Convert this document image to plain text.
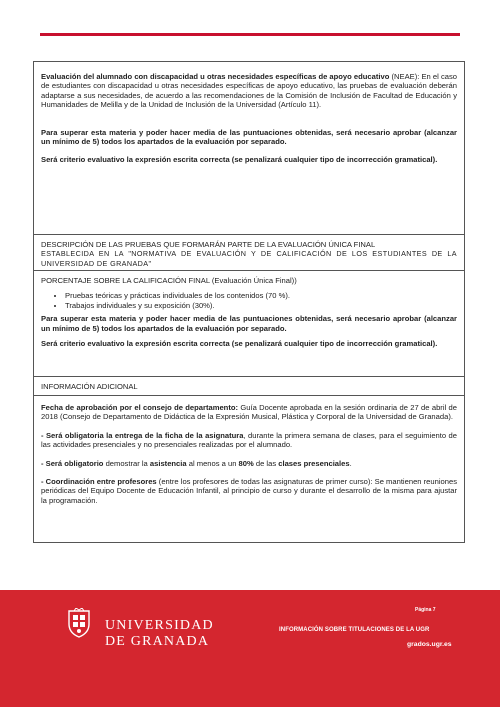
Evaluación del alumnado con discapacidad u otras necesidades específicas de apoyo educativo (NEAE): En el caso de estudiantes con discapacidad u otras necesidades específicas de apoyo educativo, las pruebas de evaluación deberán adaptarse a sus necesidades, de acuerdo a las recomendaciones de la Comisión de Inclusión de Facultad de Educación y Humanidades de Melilla y de la Unidad de Inclusión de la Universidad (Artículo 11).

Para superar esta materia y poder hacer media de las puntuaciones obtenidas, será necesario aprobar (alcanzar un mínimo de 5) todos los apartados de la evaluación por separado.

Será criterio evaluativo la expresión escrita correcta (se penalizará cualquier tipo de incorrección gramatical).

DESCRIPCIÓN DE LAS PRUEBAS QUE FORMARÁN PARTE DE LA EVALUACIÓN ÚNICA FINAL

ESTABLECIDA EN LA "NORMATIVA DE EVALUACIÓN Y DE CALIFICACIÓN DE LOS ESTUDIANTES DE LA UNIVERSIDAD DE GRANADA"

PORCENTAJE SOBRE LA CALIFICACIÓN FINAL (Evaluación Única Final))

• Pruebas teóricas y prácticas individuales de los contenidos (70 %).
• Trabajos individuales y su exposición (30%).

Para superar esta materia y poder hacer media de las puntuaciones obtenidas, será necesario aprobar (alcanzar un mínimo de 5) todos los apartados de la evaluación por separado.

Será criterio evaluativo la expresión escrita correcta (se penalizará cualquier tipo de incorrección gramatical).

INFORMACIÓN ADICIONAL

Fecha de aprobación por el consejo de departamento: Guía Docente aprobada en la sesión ordinaria de 27 de abril de 2018 (Consejo de Departamento de Didáctica de la Expresión Musical, Plástica y Corporal de la Universidad de Granada).

- Será obligatoria la entrega de la ficha de la asignatura, durante la primera semana de clases, para el seguimiento de las actividades presenciales y no presenciales realizadas por el alumnado.

- Será obligatorio demostrar la asistencia al menos a un 80% de las clases presenciales.

- Coordinación entre profesores (entre los profesores de todas las asignaturas de primer curso): Se mantienen reuniones periódicas del Equipo Docente de Educación Infantil, al principio de curso y durante el desarrollo de la misma para ajustar la programación.

UNIVERSIDAD
DE GRANADA
Página 7
INFORMACIÓN SOBRE TITULACIONES DE LA UGR
grados.ugr.es
